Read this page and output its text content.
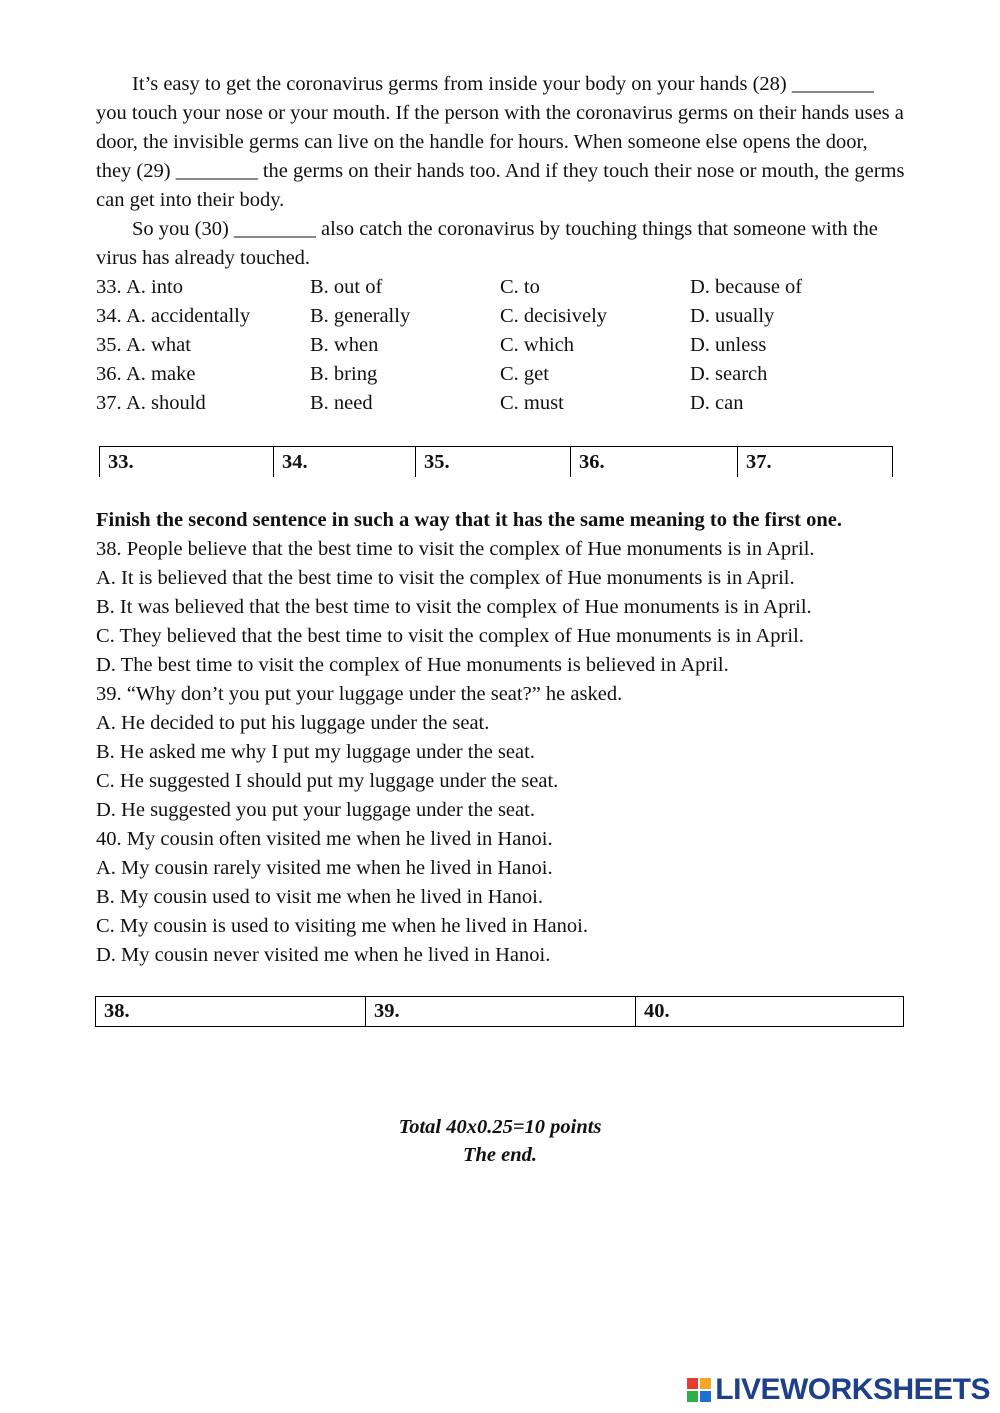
It’s easy to get the coronavirus germs from inside your body on your hands (28) ________ you touch your nose or your mouth. If the person with the coronavirus germs on their hands uses a door, the invisible germs can live on the handle for hours. When someone else opens the door, they (29) ________ the germs on their hands too. And if they touch their nose or mouth, the germs can get into their body.

So you (30) ________ also catch the coronavirus by touching things that someone with the virus has already touched.

33. A. into	B. out of	C. to	D. because of
34. A. accidentally	B. generally	C. decisively	D. usually
35. A. what	B. when	C. which	D. unless
36. A. make	B. bring	C. get	D. search
37. A. should	B. need	C. must	D. can
33.	34.	35.	36.	37.
Finish the second sentence in such a way that it has the same meaning to the first one.
38. People believe that the best time to visit the complex of Hue monuments is in April.
A. It is believed that the best time to visit the complex of Hue monuments is in April.
B. It was believed that the best time to visit the complex of Hue monuments is in April.
C. They believed that the best time to visit the complex of Hue monuments is in April.
D. The best time to visit the complex of Hue monuments is believed in April.
39. “Why don’t you put your luggage under the seat?” he asked.
A. He decided to put his luggage under the seat.
B. He asked me why I put my luggage under the seat.
C. He suggested I should put my luggage under the seat.
D. He suggested you put your luggage under the seat.
40. My cousin often visited me when he lived in Hanoi.
A. My cousin rarely visited me when he lived in Hanoi.
B. My cousin used to visit me when he lived in Hanoi.
C. My cousin is used to visiting me when he lived in Hanoi.
D. My cousin never visited me when he lived in Hanoi.
38.	39.	40.
Total 40x0.25=10 points
The end.
LIVEWORKSHEETS
